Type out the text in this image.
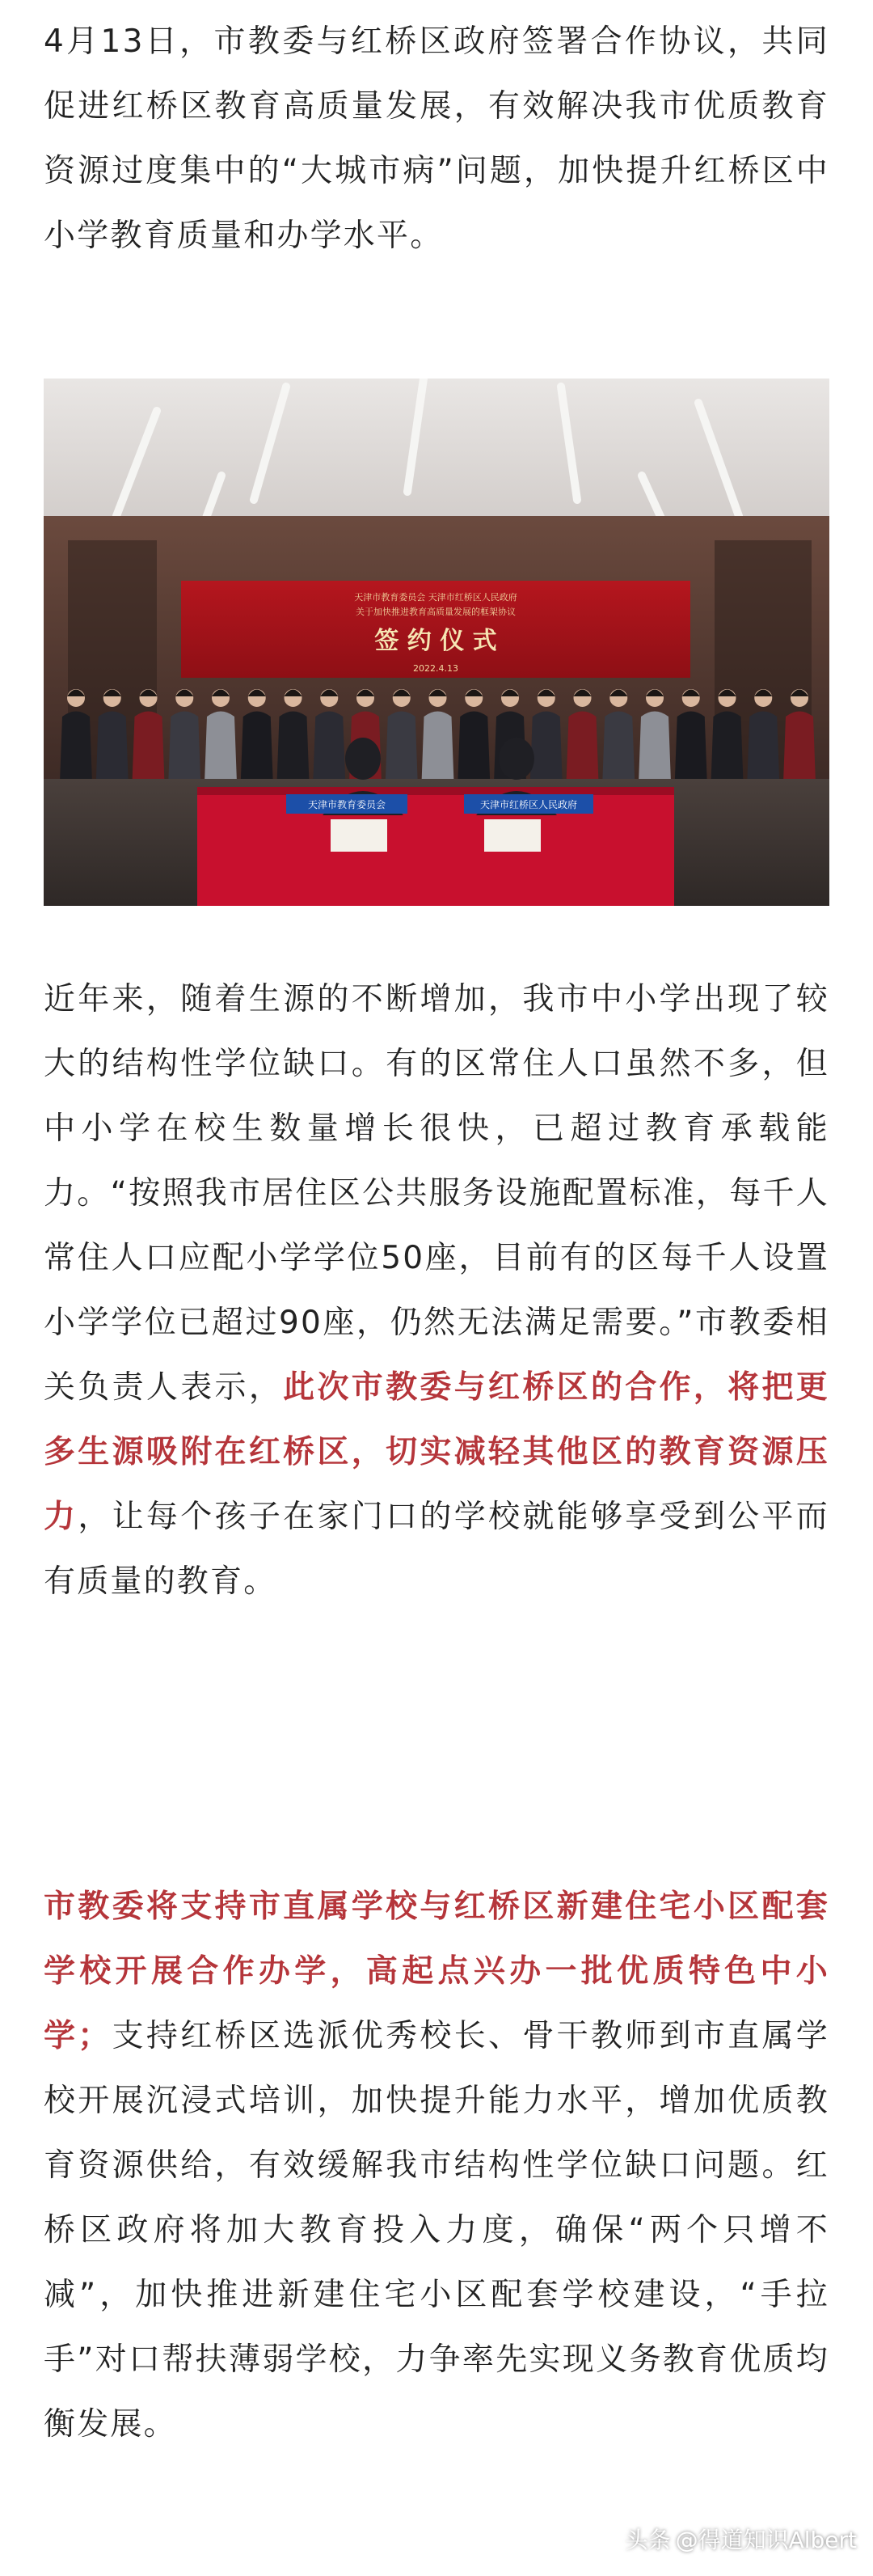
4月13日，市教委与红桥区政府签署合作协议，共同促进红桥区教育高质量发展，有效解决我市优质教育资源过度集中的“大城市病”问题，加快提升红桥区中小学教育质量和办学水平。

天津市教育委员会 天津市红桥区人民政府
关于加快推进教育高质量发展的框架协议
签 约 仪 式
2022.4.13
天津市教育委员会	天津市红桥区人民政府

近年来，随着生源的不断增加，我市中小学出现了较大的结构性学位缺口。有的区常住人口虽然不多，但中小学在校生数量增长很快，已超过教育承载能力。“按照我市居住区公共服务设施配置标准，每千人常住人口应配小学学位50座，目前有的区每千人设置小学学位已超过90座，仍然无法满足需要。”市教委相关负责人表示，此次市教委与红桥区的合作，将把更多生源吸附在红桥区，切实减轻其他区的教育资源压力，让每个孩子在家门口的学校就能够享受到公平而有质量的教育。

市教委将支持市直属学校与红桥区新建住宅小区配套学校开展合作办学，高起点兴办一批优质特色中小学；支持红桥区选派优秀校长、骨干教师到市直属学校开展沉浸式培训，加快提升能力水平，增加优质教育资源供给，有效缓解我市结构性学位缺口问题。红桥区政府将加大教育投入力度，确保“两个只增不减”，加快推进新建住宅小区配套学校建设，“手拉手”对口帮扶薄弱学校，力争率先实现义务教育优质均衡发展。

头条 @得道知识Albert
